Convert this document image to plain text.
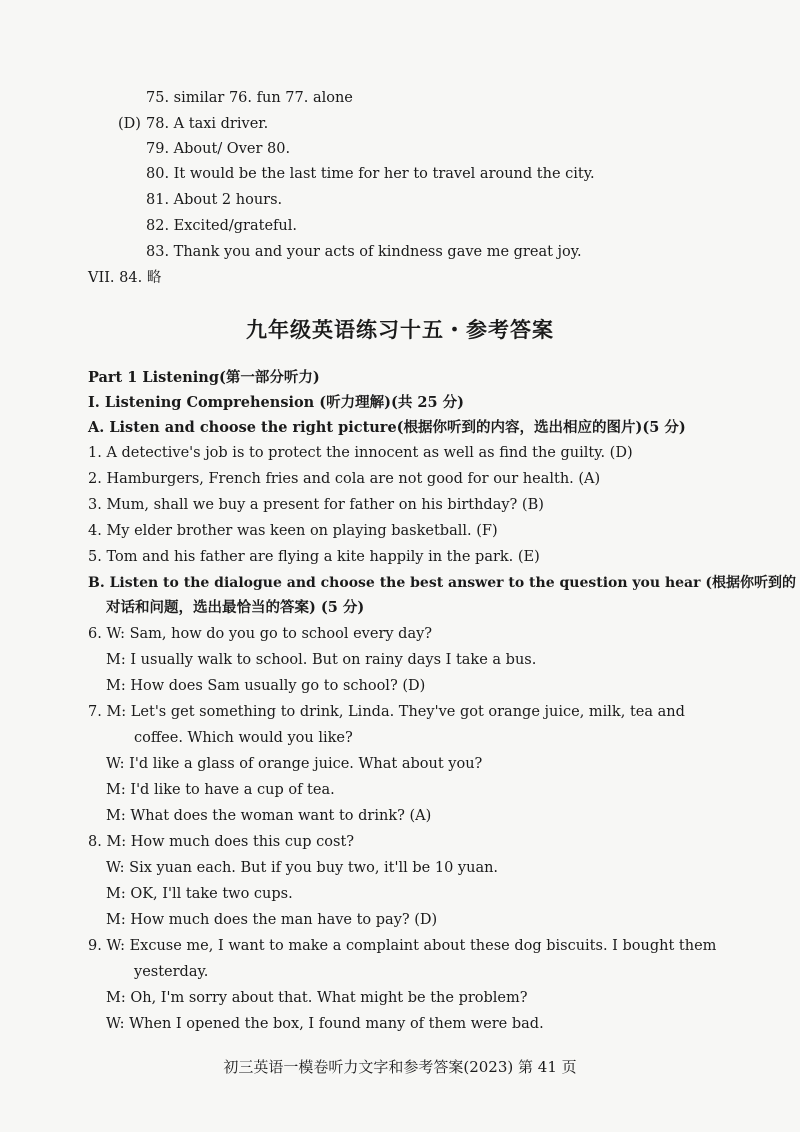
75. similar 76. fun 77. alone
(D) 78. A taxi driver.
79. About/ Over 80.
80. It would be the last time for her to travel around the city.
81. About 2 hours.
82. Excited/grateful.
83. Thank you and your acts of kindness gave me great joy.
VII. 84. 略
九年级英语练习十五・参考答案
Part 1 Listening(第一部分听力)
I. Listening Comprehension (听力理解)(共 25 分)
A. Listen and choose the right picture(根据你听到的内容，选出相应的图片)(5 分)
1. A detective's job is to protect the innocent as well as find the guilty. (D)
2. Hamburgers, French fries and cola are not good for our health. (A)
3. Mum, shall we buy a present for father on his birthday? (B)
4. My elder brother was keen on playing basketball. (F)
5. Tom and his father are flying a kite happily in the park. (E)
B. Listen to the dialogue and choose the best answer to the question you hear (根据你听到的
对话和问题，选出最恰当的答案) (5 分)
6. W: Sam, how do you go to school every day?
M: I usually walk to school. But on rainy days I take a bus.
M: How does Sam usually go to school? (D)
7. M: Let's get something to drink, Linda. They've got orange juice, milk, tea and
coffee. Which would you like?
W: I'd like a glass of orange juice. What about you?
M: I'd like to have a cup of tea.
M: What does the woman want to drink? (A)
8. M: How much does this cup cost?
W: Six yuan each. But if you buy two, it'll be 10 yuan.
M: OK, I'll take two cups.
M: How much does the man have to pay? (D)
9. W: Excuse me, I want to make a complaint about these dog biscuits. I bought them
yesterday.
M: Oh, I'm sorry about that. What might be the problem?
W: When I opened the box, I found many of them were bad.
初三英语一模卷听力文字和参考答案(2023) 第 41 页
